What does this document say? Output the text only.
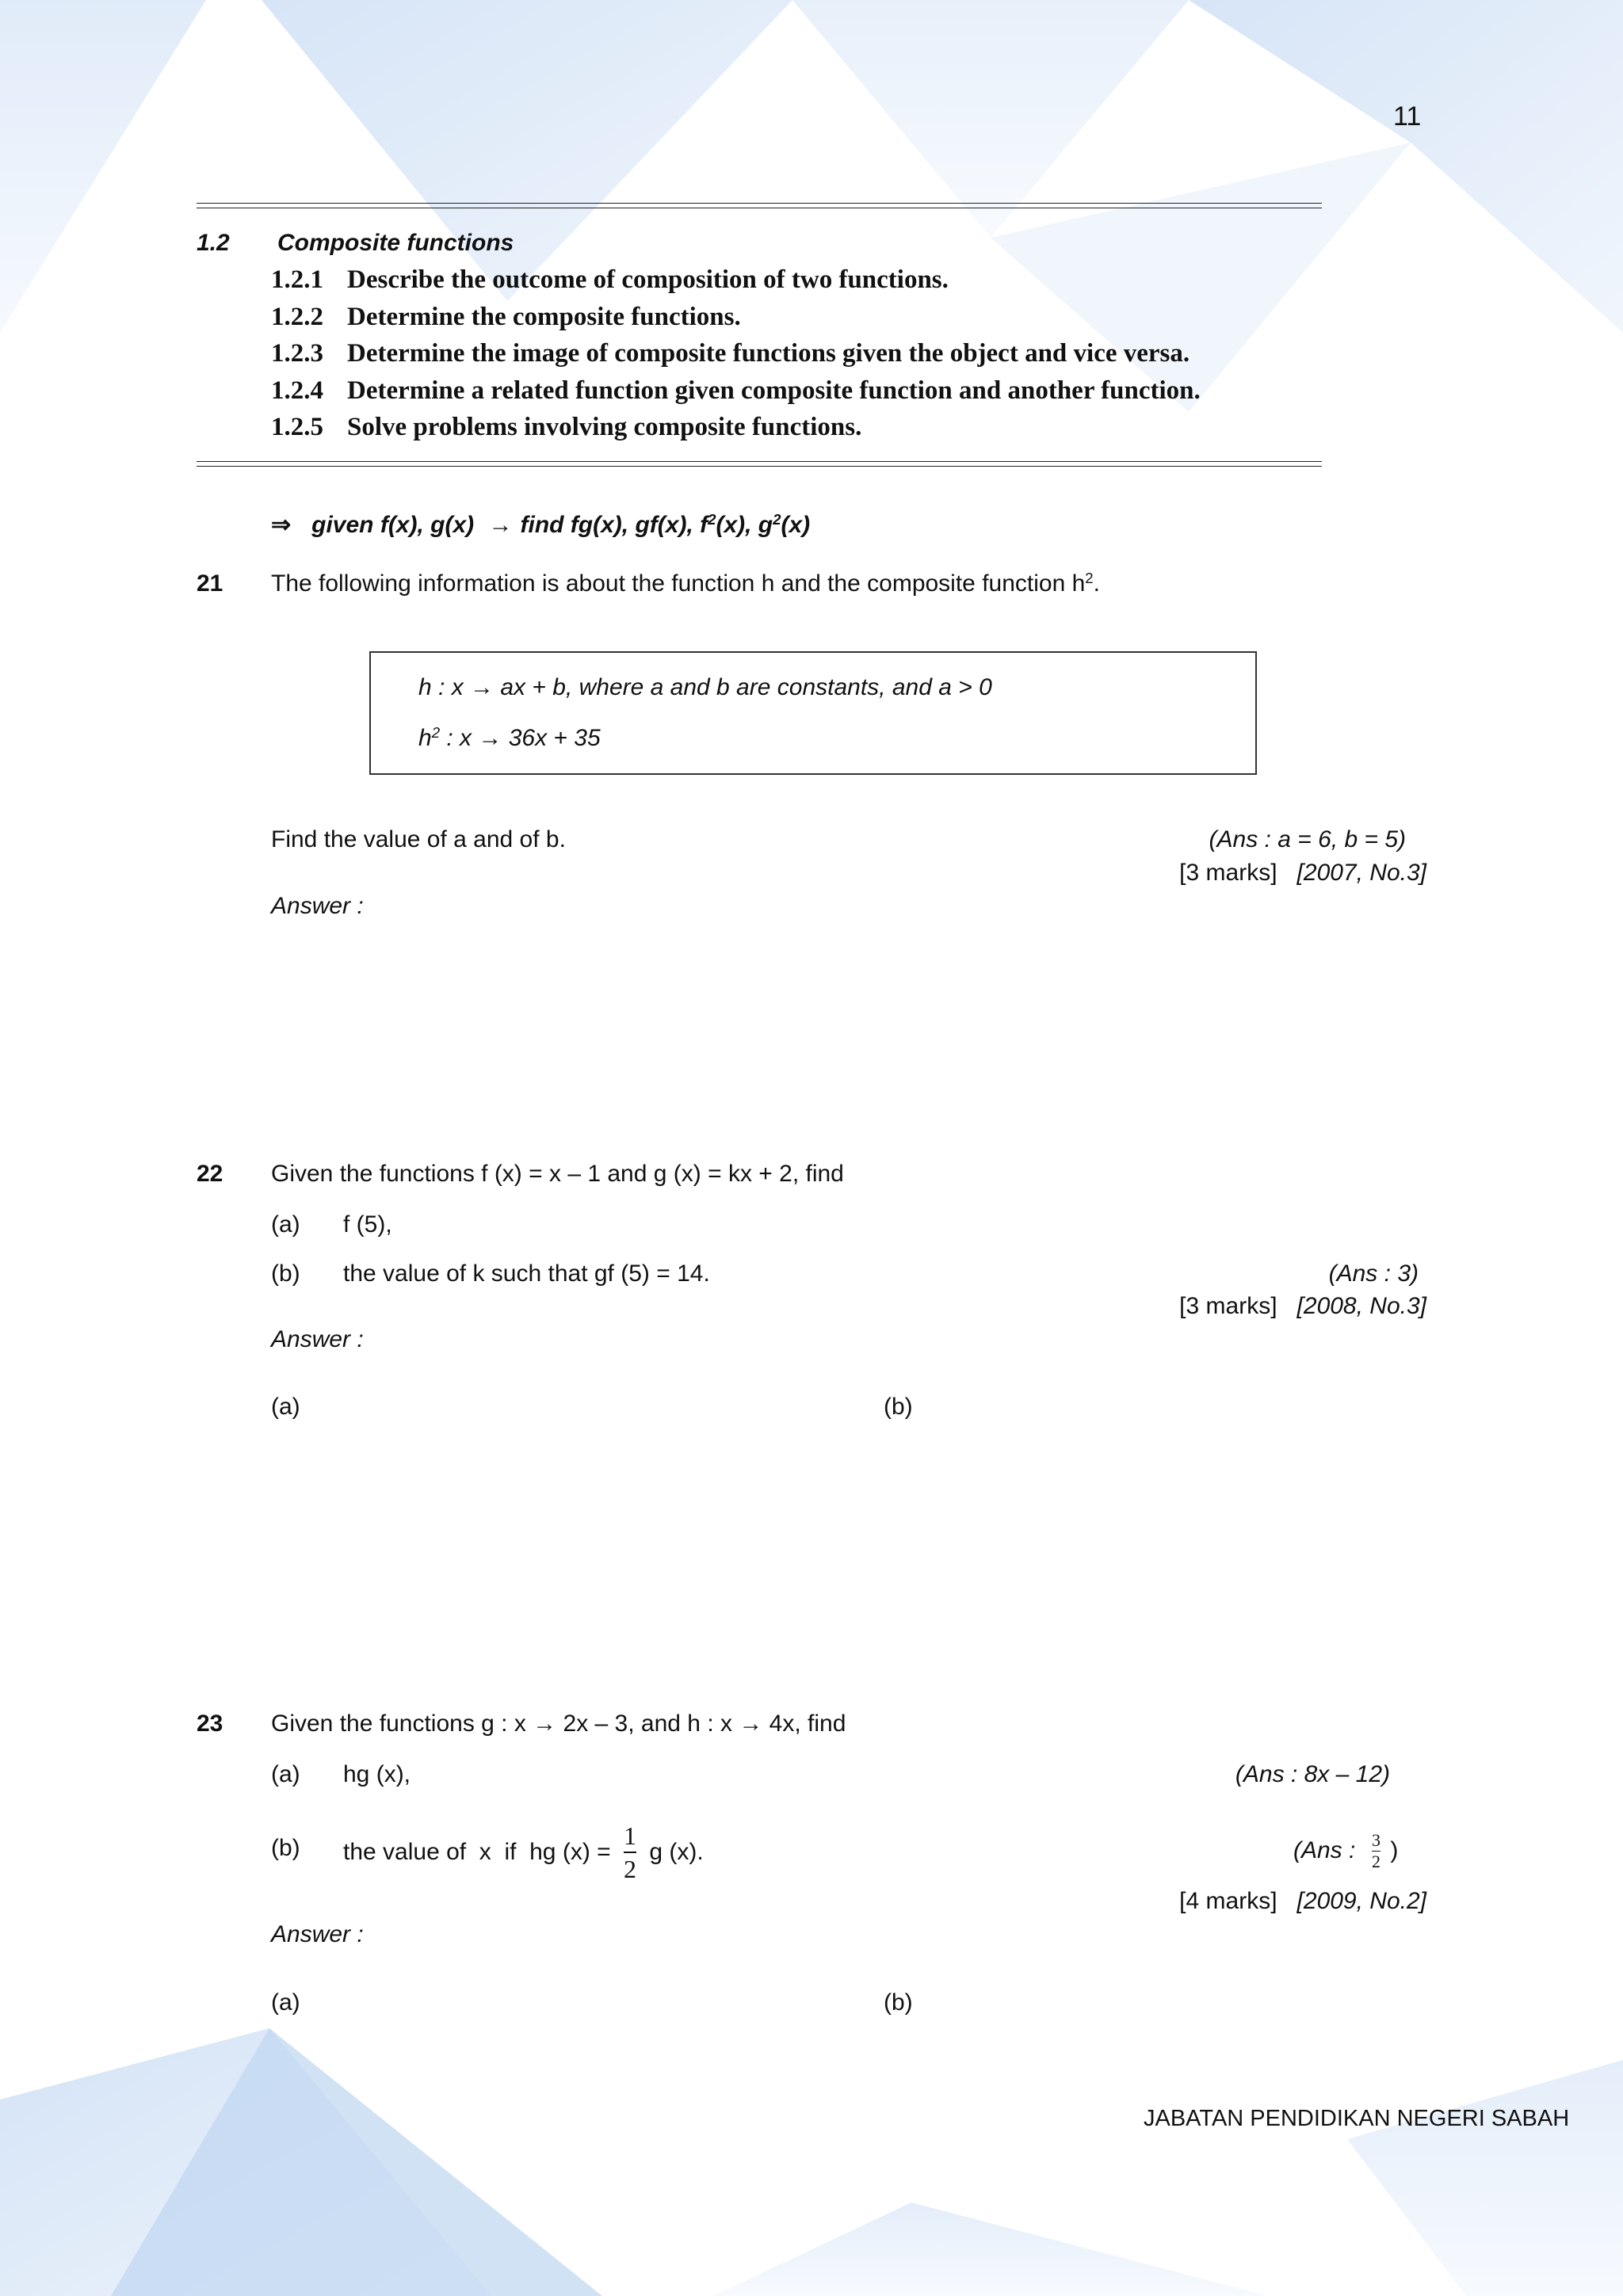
11
1.2 Composite functions
1.2.1 Describe the outcome of composition of two functions.
1.2.2 Determine the composite functions.
1.2.3 Determine the image of composite functions given the object and vice versa.
1.2.4 Determine a related function given composite function and another function.
1.2.5 Solve problems involving composite functions.
⇒ given f(x), g(x) → find fg(x), gf(x), $f^2(x)$, $g^2(x)$
21 The following information is about the function h and the composite function $h^2$.
h : x → ax + b, where a and b are constants, and a > 0
$h^2$ : x → 36x + 35
Find the value of a and of b.	(Ans : a = 6, b = 5)
[3 marks] [2007, No.3]
Answer :
22 Given the functions f (x) = x – 1 and g (x) = kx + 2, find
(a) f (5),
(b) the value of k such that gf (5) = 14.	(Ans : 3)
[3 marks] [2008, No.3]
Answer :
(a)	(b)
23 Given the functions g : x → 2x – 3, and h : x → 4x, find
(a) hg (x),	(Ans : 8x – 12)
(b) the value of  x  if  hg $(x) = \frac{1}{2}$ g (x).	(Ans : $\frac{3}{2}$ )
[4 marks] [2009, No.2]
Answer :
(a)	(b)
JABATAN PENDIDIKAN NEGERI SABAH
